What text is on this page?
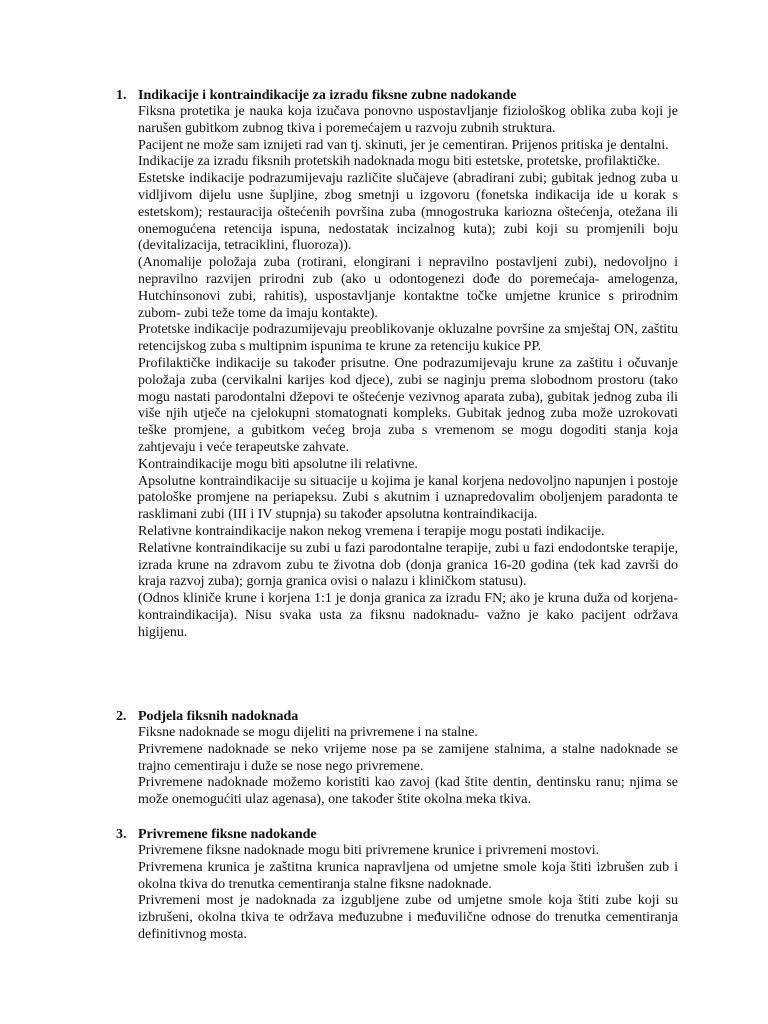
1. Indikacije i kontraindikacije za izradu fiksne zubne nadokande

Fiksna protetika je nauka koja izučava ponovno uspostavljanje fiziološkog oblika zuba koji je narušen gubitkom zubnog tkiva i poremećajem u razvoju zubnih struktura.

Pacijent ne može sam iznijeti rad van tj. skinuti, jer je cementiran. Prijenos pritiska je dentalni.

Indikacije za izradu fiksnih protetskih nadoknada mogu biti estetske, protetske, profilaktičke.

Estetske indikacije podrazumijevaju različite slučajeve (abradirani zubi; gubitak jednog zuba u vidljivom dijelu usne šupljine, zbog smetnji u izgovoru (fonetska indikacija ide u korak s estetskom); restauracija oštećenih površina zuba (mnogostruka kariozna oštećenja, otežana ili onemogućena retencija ispuna, nedostatak incizalnog kuta); zubi koji su promjenili boju (devitalizacija, tetraciklini, fluoroza)).

(Anomalije položaja zuba (rotirani, elongirani i nepravilno postavljeni zubi), nedovoljno i nepravilno razvijen prirodni zub (ako u odontogenezi dođe do poremećaja- amelogenza, Hutchinsonovi zubi, rahitis), uspostavljanje kontaktne točke umjetne krunice s prirodnim zubom- zubi teže tome da imaju kontakte).

Protetske indikacije podrazumijevaju preoblikovanje okluzalne površine za smještaj ON, zaštitu retencijskog zuba s multipnim ispunima te krune za retenciju kukice PP.

Profilaktičke indikacije su također prisutne. One podrazumijevaju krune za zaštitu i očuvanje položaja zuba (cervikalni karijes kod djece), zubi se naginju prema slobodnom prostoru (tako mogu nastati parodontalni džepovi te oštećenje vezivnog aparata zuba), gubitak jednog zuba ili više njih utječe na cjelokupni stomatognati kompleks. Gubitak jednog zuba može uzrokovati teške promjene, a gubitkom većeg broja zuba s vremenom se mogu dogoditi stanja koja zahtjevaju i veće terapeutske zahvate.

Kontraindikacije mogu biti apsolutne ili relativne.

Apsolutne kontraindikacije su situacije u kojima je kanal korjena nedovoljno napunjen i postoje patološke promjene na periapeksu. Zubi s akutnim i uznapredovalim oboljenjem paradonta te rasklimani zubi (III i IV stupnja) su također apsolutna kontraindikacija.

Relativne kontraindikacije nakon nekog vremena i terapije mogu postati indikacije.

Relativne kontraindikacije su zubi u fazi parodontalne terapije, zubi u fazi endodontske terapije, izrada krune na zdravom zubu te životna dob (donja granica 16-20 godina (tek kad završi do kraja razvoj zuba); gornja granica ovisi o nalazu i kliničkom statusu).

(Odnos kliniče krune i korjena 1:1 je donja granica za izradu FN; ako je kruna duža od korjena- kontraindikacija). Nisu svaka usta za fiksnu nadoknadu- važno je kako pacijent održava higijenu.

2. Podjela fiksnih nadoknada

Fiksne nadoknade se mogu dijeliti na privremene i na stalne.

Privremene nadoknade se neko vrijeme nose pa se zamijene stalnima, a stalne nadoknade se trajno cementiraju i duže se nose nego privremene.

Privremene nadoknade možemo koristiti kao zavoj (kad štite dentin, dentinsku ranu; njima se može onemogućiti ulaz agenasa), one također štite okolna meka tkiva.

3. Privremene fiksne nadokande

Privremene fiksne nadoknade mogu biti privremene krunice i privremeni mostovi.

Privremena krunica je zaštitna krunica napravljena od umjetne smole koja štiti izbrušen zub i okolna tkiva do trenutka cementiranja stalne fiksne nadoknade.

Privremeni most je nadoknada za izgubljene zube od umjetne smole koja štiti zube koji su izbrušeni, okolna tkiva te održava međuzubne i međuvilične odnose do trenutka cementiranja definitivnog mosta.
